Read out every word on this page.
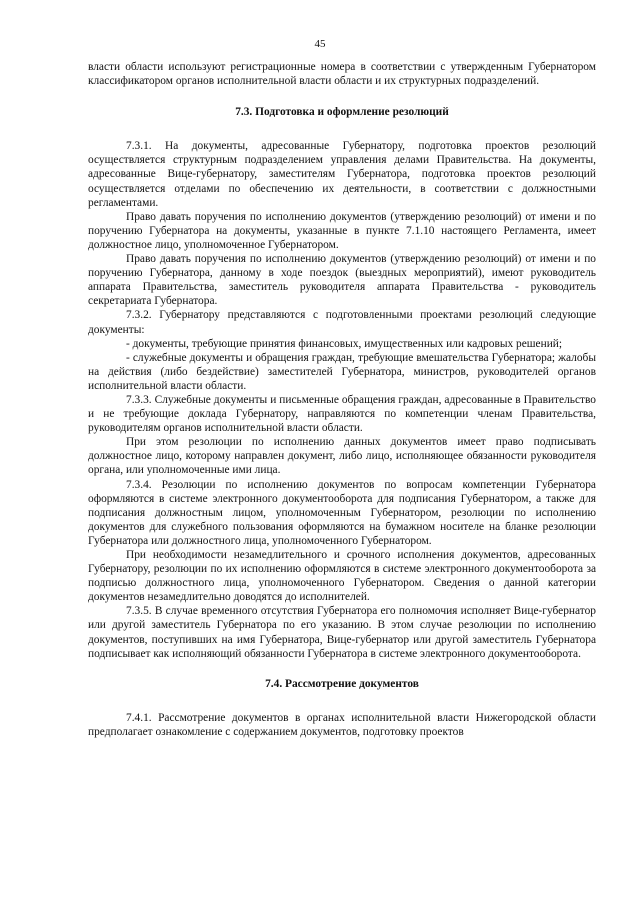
45

власти области используют регистрационные номера в соответствии с утвержденным Губернатором классификатором органов исполнительной власти области и их структурных подразделений.

7.3. Подготовка и оформление резолюций

7.3.1. На документы, адресованные Губернатору, подготовка проектов резолюций осуществляется структурным подразделением управления делами Правительства. На документы, адресованные Вице-губернатору, заместителям Губернатора, подготовка проектов резолюций осуществляется отделами по обеспечению их деятельности, в соответствии с должностными регламентами.

Право давать поручения по исполнению документов (утверждению резолюций) от имени и по поручению Губернатора на документы, указанные в пункте 7.1.10 настоящего Регламента, имеет должностное лицо, уполномоченное Губернатором.

Право давать поручения по исполнению документов (утверждению резолюций) от имени и по поручению Губернатора, данному в ходе поездок (выездных мероприятий), имеют руководитель аппарата Правительства, заместитель руководителя аппарата Правительства - руководитель секретариата Губернатора.

7.3.2. Губернатору представляются с подготовленными проектами резолюций следующие документы:

- документы, требующие принятия финансовых, имущественных или кадровых решений;

- служебные документы и обращения граждан, требующие вмешательства Губернатора; жалобы на действия (либо бездействие) заместителей Губернатора, министров, руководителей органов исполнительной власти области.

7.3.3. Служебные документы и письменные обращения граждан, адресованные в Правительство и не требующие доклада Губернатору, направляются по компетенции членам Правительства, руководителям органов исполнительной власти области.

При этом резолюции по исполнению данных документов имеет право подписывать должностное лицо, которому направлен документ, либо лицо, исполняющее обязанности руководителя органа, или уполномоченные ими лица.

7.3.4. Резолюции по исполнению документов по вопросам компетенции Губернатора оформляются в системе электронного документооборота для подписания Губернатором, а также для подписания должностным лицом, уполномоченным Губернатором, резолюции по исполнению документов для служебного пользования оформляются на бумажном носителе на бланке резолюции Губернатора или должностного лица, уполномоченного Губернатором.

При необходимости незамедлительного и срочного исполнения документов, адресованных Губернатору, резолюции по их исполнению оформляются в системе электронного документооборота за подписью должностного лица, уполномоченного Губернатором. Сведения о данной категории документов незамедлительно доводятся до исполнителей.

7.3.5. В случае временного отсутствия Губернатора его полномочия исполняет Вице-губернатор или другой заместитель Губернатора по его указанию. В этом случае резолюции по исполнению документов, поступивших на имя Губернатора, Вице-губернатор или другой заместитель Губернатора подписывает как исполняющий обязанности Губернатора в системе электронного документооборота.

7.4. Рассмотрение документов

7.4.1. Рассмотрение документов в органах исполнительной власти Нижегородской области предполагает ознакомление с содержанием документов, подготовку проектов
